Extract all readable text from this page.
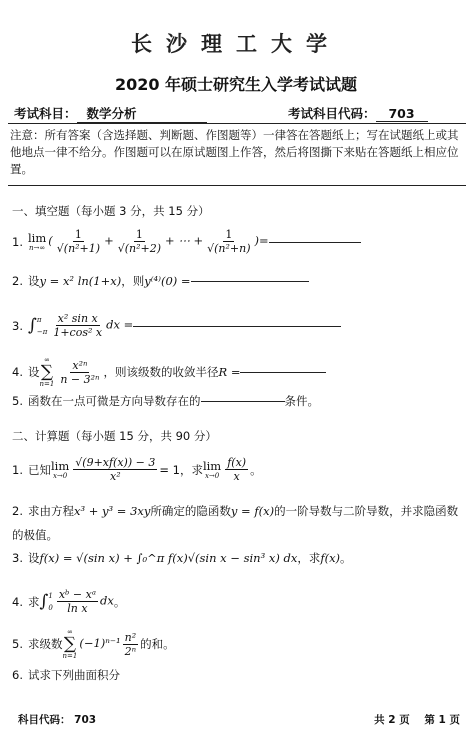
长沙理工大学
2020 年硕士研究生入学考试试题
考试科目： 数学分析	考试科目代码： 703
注意：所有答案（含选择题、判断题、作图题等）一律答在答题纸上；写在试题纸上或其他地点一律不给分。作图题可以在原试题图上作答，然后将图撕下来贴在答题纸上相应位置。
一、填空题（每小题 3 分，共 15 分）
1. lim
n→∞ ( $\frac{1}{\text{√(n²+1)}} + \frac{1}{\text{√(n²+2)}}$ + ⋯ + $\frac{1}{\text{√(n²+n)}}$ )=
2. 设 y = x² ln(1+x) ，则 y⁽⁴⁾(0) =
3. ∫ π
$-\pi \frac{\text{x² sin x}}{\text{1+cos² x}}$ dx =
4. 设
∞
∑
$n=1 \frac{\text{x²ⁿ}}{\text{n − 3²ⁿ}}$ ，则该级数的收敛半径 R =
5. 函数在一点可微是方向导数存在的	条件。
二、计算题（每小题 15 分，共 90 分）
1. 已知 lim
$x\to 0 \frac{√(9+xf(x)) - 3}{\text{x²}} = 1$，求 lim
$x\to 0 \frac{f(x)}{x}$ 。
2. 求由方程 x³ + y³ = 3xy 所确定的隐函数 y = f(x) 的一阶导数与二阶导数，并求隐函数
的极值。
3. 设 f(x) = √(sin x) + ∫₀^π f(x)√(sin x − sin³ x) dx ，求 f(x) 。
4. 求 ∫ 1
$0 \frac{\text{xᵇ − xᵃ}}{\text{ln x}}$ dx 。
5. 求级数
∞
∑
n=1
$(-1)^{n-1} \frac{\text{n²}}{\text{2ⁿ}}$ 的和。
6. 试求下列曲面积分
科目代码： 703	共 2 页    第 1 页
